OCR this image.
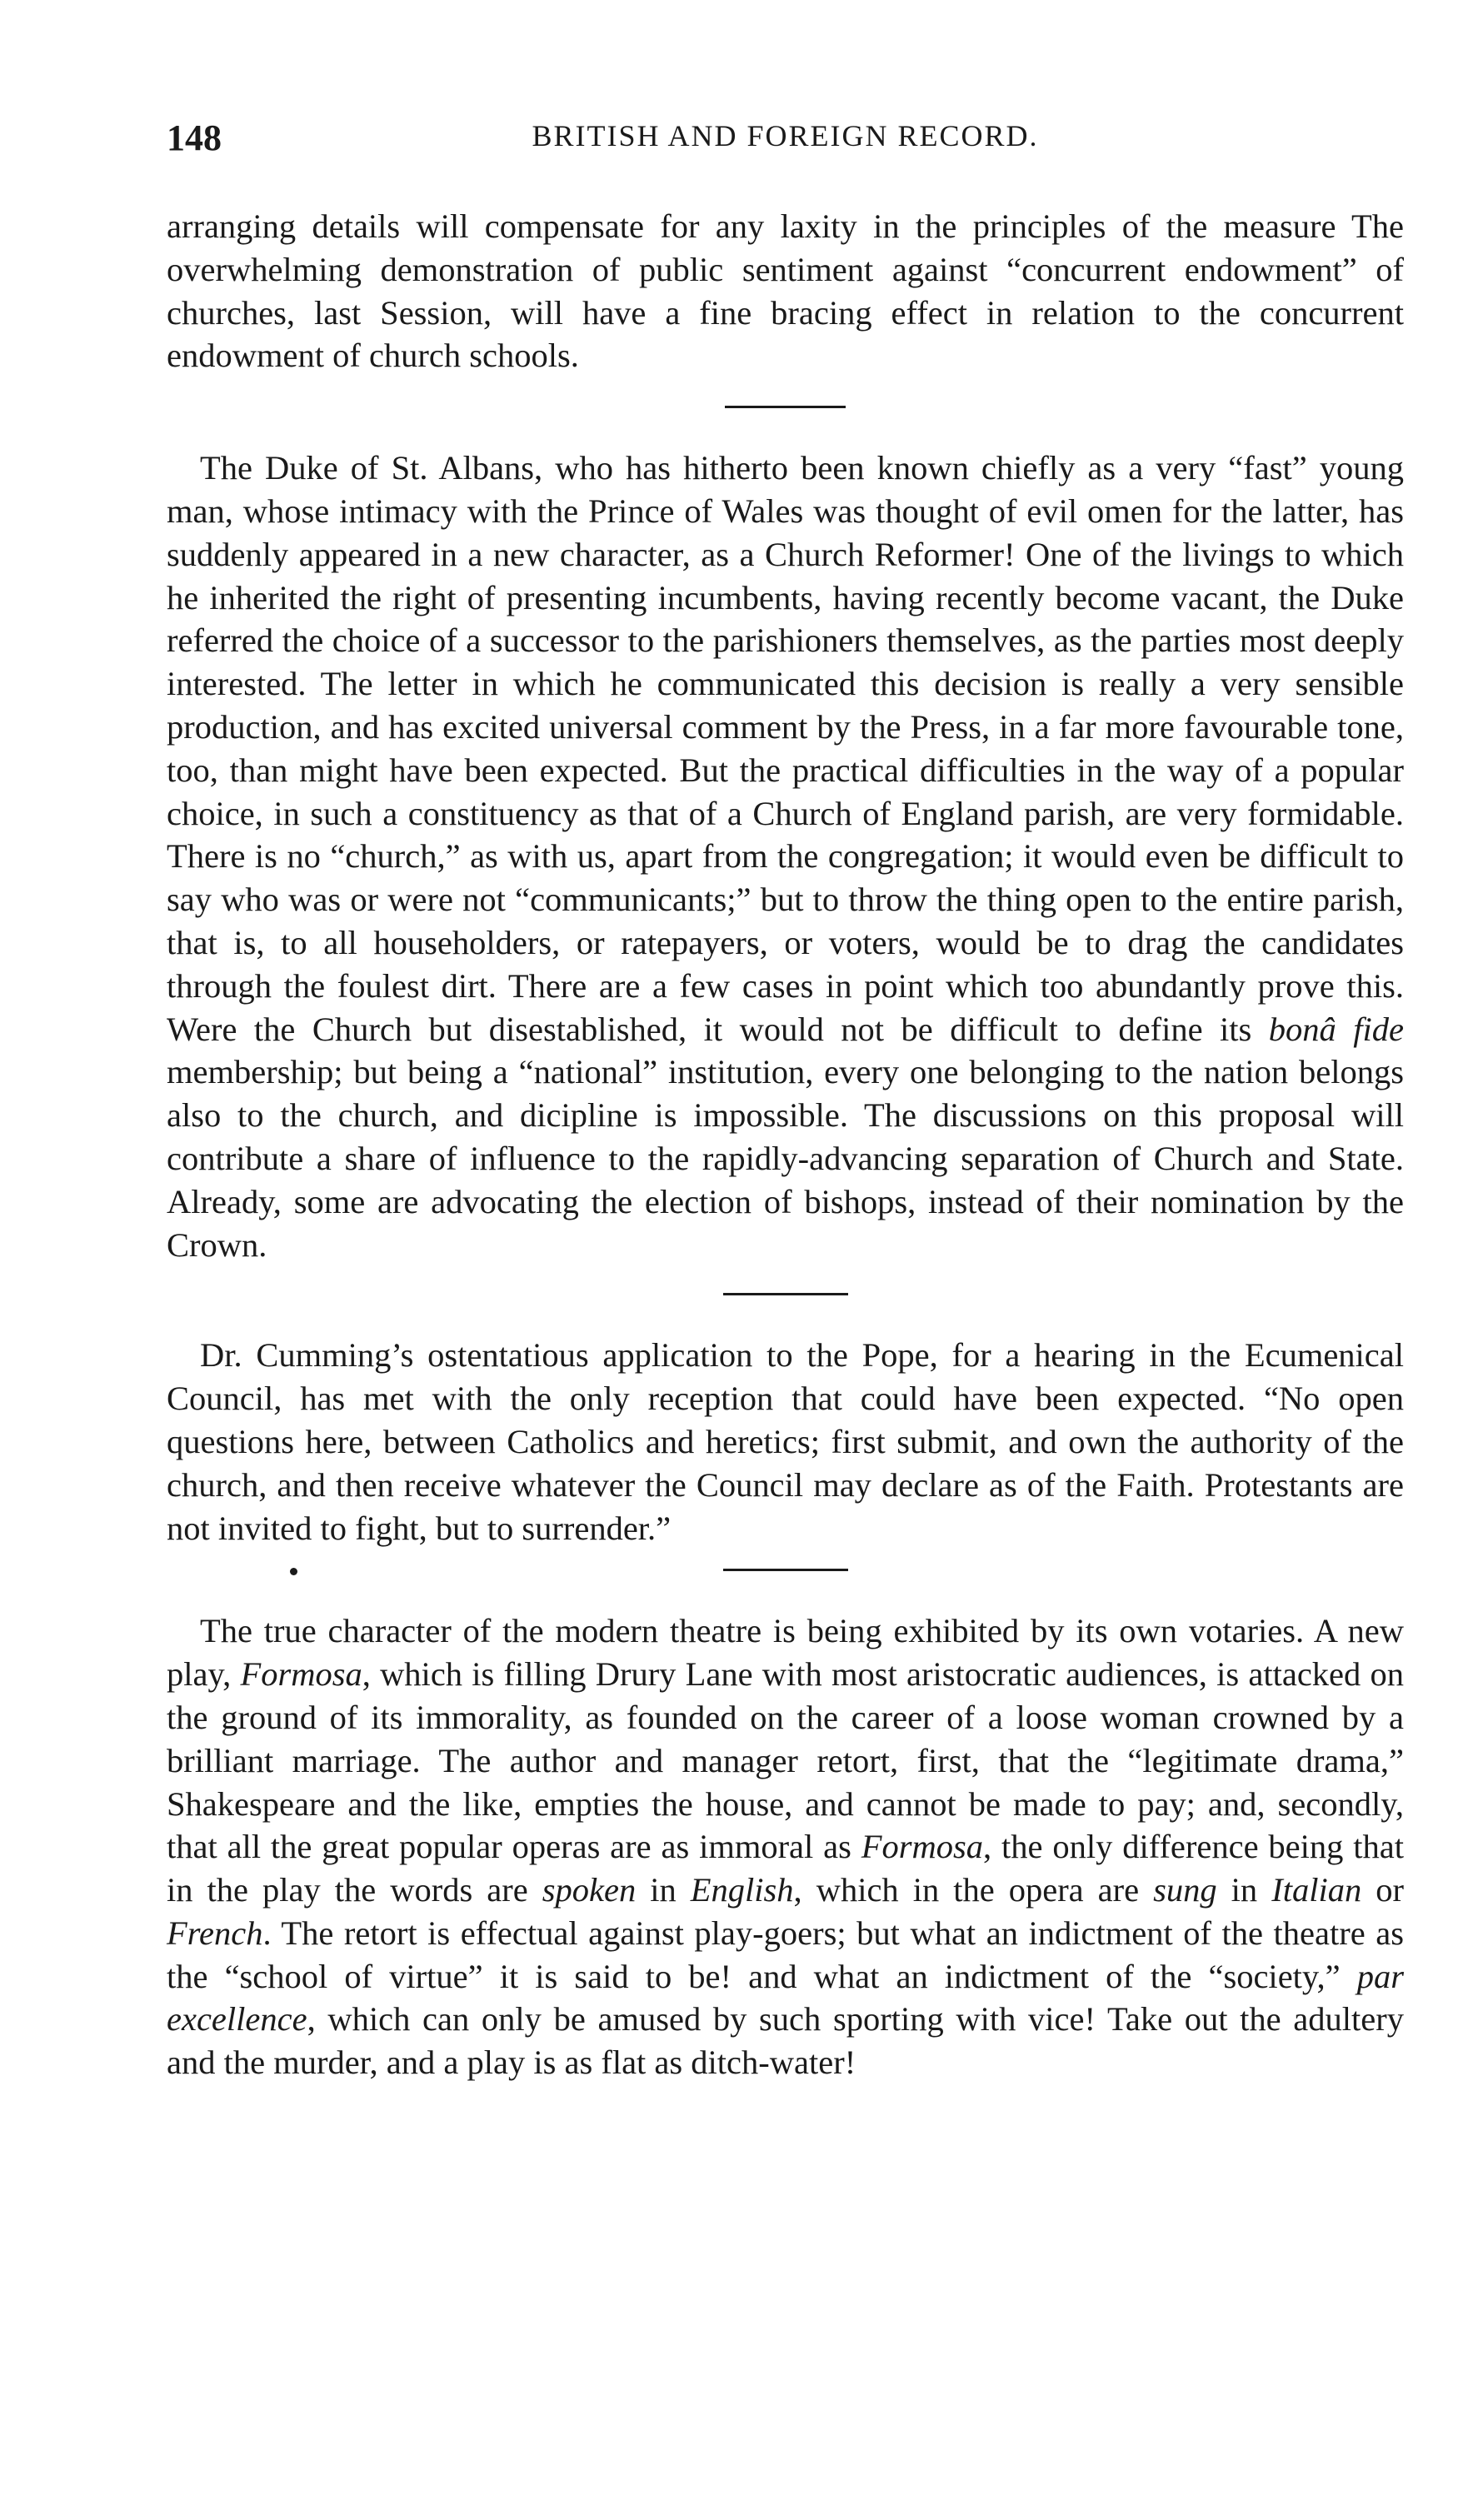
148	BRITISH AND FOREIGN RECORD.

arranging details will compensate for any laxity in the principles of the measure The overwhelming demonstration of public sentiment against “concurrent endowment” of churches, last Session, will have a fine bracing effect in relation to the concurrent endowment of church schools.

The Duke of St. Albans, who has hitherto been known chiefly as a very “fast” young man, whose intimacy with the Prince of Wales was thought of evil omen for the latter, has suddenly appeared in a new character, as a Church Reformer! One of the livings to which he inherited the right of presenting incumbents, having recently become vacant, the Duke referred the choice of a successor to the parishioners themselves, as the parties most deeply interested. The letter in which he communicated this decision is really a very sensible production, and has excited universal comment by the Press, in a far more favourable tone, too, than might have been expected. But the practical difficulties in the way of a popular choice, in such a constituency as that of a Church of England parish, are very formidable. There is no “church,” as with us, apart from the congregation; it would even be difficult to say who was or were not “communicants;” but to throw the thing open to the entire parish, that is, to all householders, or ratepayers, or voters, would be to drag the candidates through the foulest dirt. There are a few cases in point which too abundantly prove this. Were the Church but disestablished, it would not be difficult to define its bonâ fide membership; but being a “national” institution, every one belonging to the nation belongs also to the church, and dicipline is impossible. The discussions on this proposal will contribute a share of influence to the rapidly-advancing separation of Church and State. Already, some are advocating the election of bishops, instead of their nomination by the Crown.

Dr. Cumming’s ostentatious application to the Pope, for a hearing in the Ecumenical Council, has met with the only reception that could have been expected. “No open questions here, between Catholics and heretics; first submit, and own the authority of the church, and then receive whatever the Council may declare as of the Faith. Protestants are not invited to fight, but to surrender.”

The true character of the modern theatre is being exhibited by its own votaries. A new play, Formosa, which is filling Drury Lane with most aristocratic audiences, is attacked on the ground of its immorality, as founded on the career of a loose woman crowned by a brilliant marriage. The author and manager retort, first, that the “legitimate drama,” Shakespeare and the like, empties the house, and cannot be made to pay; and, secondly, that all the great popular operas are as immoral as Formosa, the only difference being that in the play the words are spoken in English, which in the opera are sung in Italian or French. The retort is effectual against play-goers; but what an indictment of the theatre as the “school of virtue” it is said to be! and what an indictment of the “society,” par excellence, which can only be amused by such sporting with vice! Take out the adultery and the murder, and a play is as flat as ditch-water!
